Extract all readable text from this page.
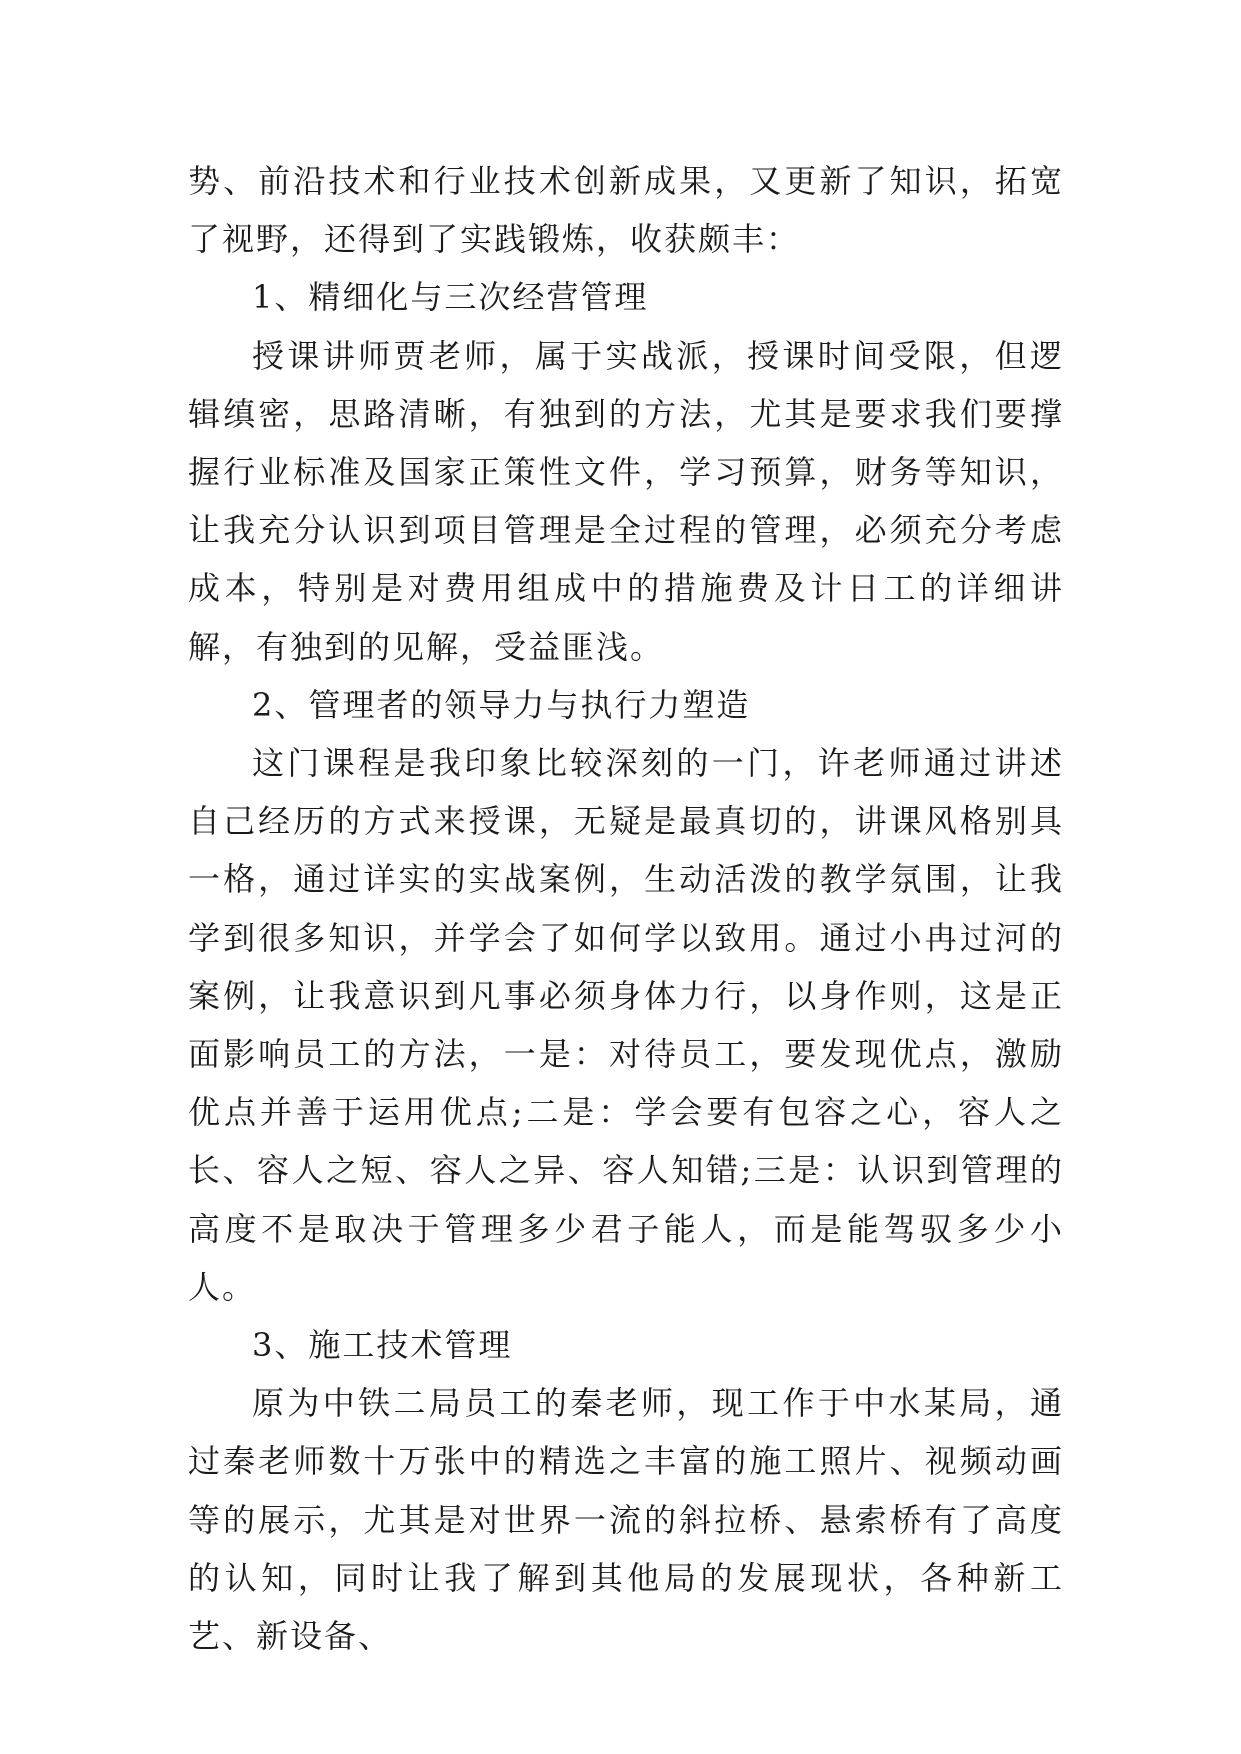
势、前沿技术和行业技术创新成果，又更新了知识，拓宽了视野，还得到了实践锻炼，收获颇丰：

1、精细化与三次经营管理

授课讲师贾老师，属于实战派，授课时间受限，但逻辑缜密，思路清晰，有独到的方法，尤其是要求我们要撑握行业标准及国家正策性文件，学习预算，财务等知识，让我充分认识到项目管理是全过程的管理，必须充分考虑成本，特别是对费用组成中的措施费及计日工的详细讲解，有独到的见解，受益匪浅。

2、管理者的领导力与执行力塑造

这门课程是我印象比较深刻的一门，许老师通过讲述自己经历的方式来授课，无疑是最真切的，讲课风格别具一格，通过详实的实战案例，生动活泼的教学氛围，让我学到很多知识，并学会了如何学以致用。通过小冉过河的案例，让我意识到凡事必须身体力行，以身作则，这是正面影响员工的方法，一是：对待员工，要发现优点，激励优点并善于运用优点;二是：学会要有包容之心，容人之长、容人之短、容人之异、容人知错;三是：认识到管理的高度不是取决于管理多少君子能人，而是能驾驭多少小人。

3、施工技术管理

原为中铁二局员工的秦老师，现工作于中水某局，通过秦老师数十万张中的精选之丰富的施工照片、视频动画等的展示，尤其是对世界一流的斜拉桥、悬索桥有了高度的认知，同时让我了解到其他局的发展现状，各种新工艺、新设备、
